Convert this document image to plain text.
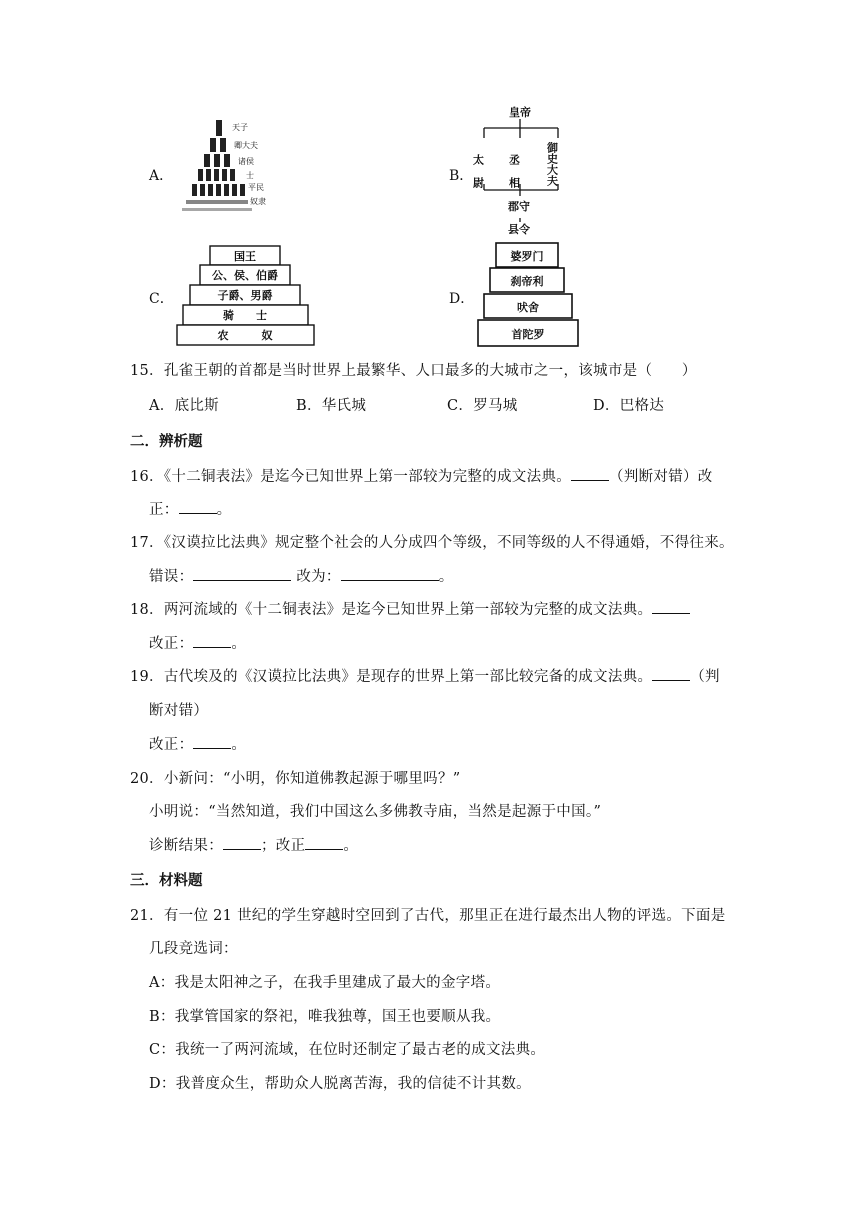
A．
天子
卿大夫
诸侯
士
平民
奴隶
B．
皇帝
太尉 丞相 御史大夫
郡守
县令
C．
国王
公、侯、伯爵
子爵、男爵
骑　　士
农　　　奴
D．
婆罗门
刹帝利
吠舍
首陀罗
15．孔雀王朝的首都是当时世界上最繁华、人口最多的大城市之一，该城市是（　　）
A．底比斯	B．华氏城	C．罗马城	D．巴格达
二．辨析题
16．《十二铜表法》是迄今已知世界上第一部较为完整的成文法典。	（判断对错）改
正：	。
17．《汉谟拉比法典》规定整个社会的人分成四个等级，不同等级的人不得通婚，不得往来。
错误：	改为：	。
18．两河流域的《十二铜表法》是迄今已知世界上第一部较为完整的成文法典。
改正：	。
19．古代埃及的《汉谟拉比法典》是现存的世界上第一部比较完备的成文法典。	（判
断对错）
改正：	。
20．小新问：“小明，你知道佛教起源于哪里吗？”
小明说：“当然知道，我们中国这么多佛教寺庙，当然是起源于中国。”
诊断结果：	；改正	。
三．材料题
21．有一位 21 世纪的学生穿越时空回到了古代，那里正在进行最杰出人物的评选。下面是
几段竞选词：
A：我是太阳神之子，在我手里建成了最大的金字塔。
B：我掌管国家的祭祀，唯我独尊，国王也要顺从我。
C：我统一了两河流域，在位时还制定了最古老的成文法典。
D：我普度众生，帮助众人脱离苦海，我的信徒不计其数。
